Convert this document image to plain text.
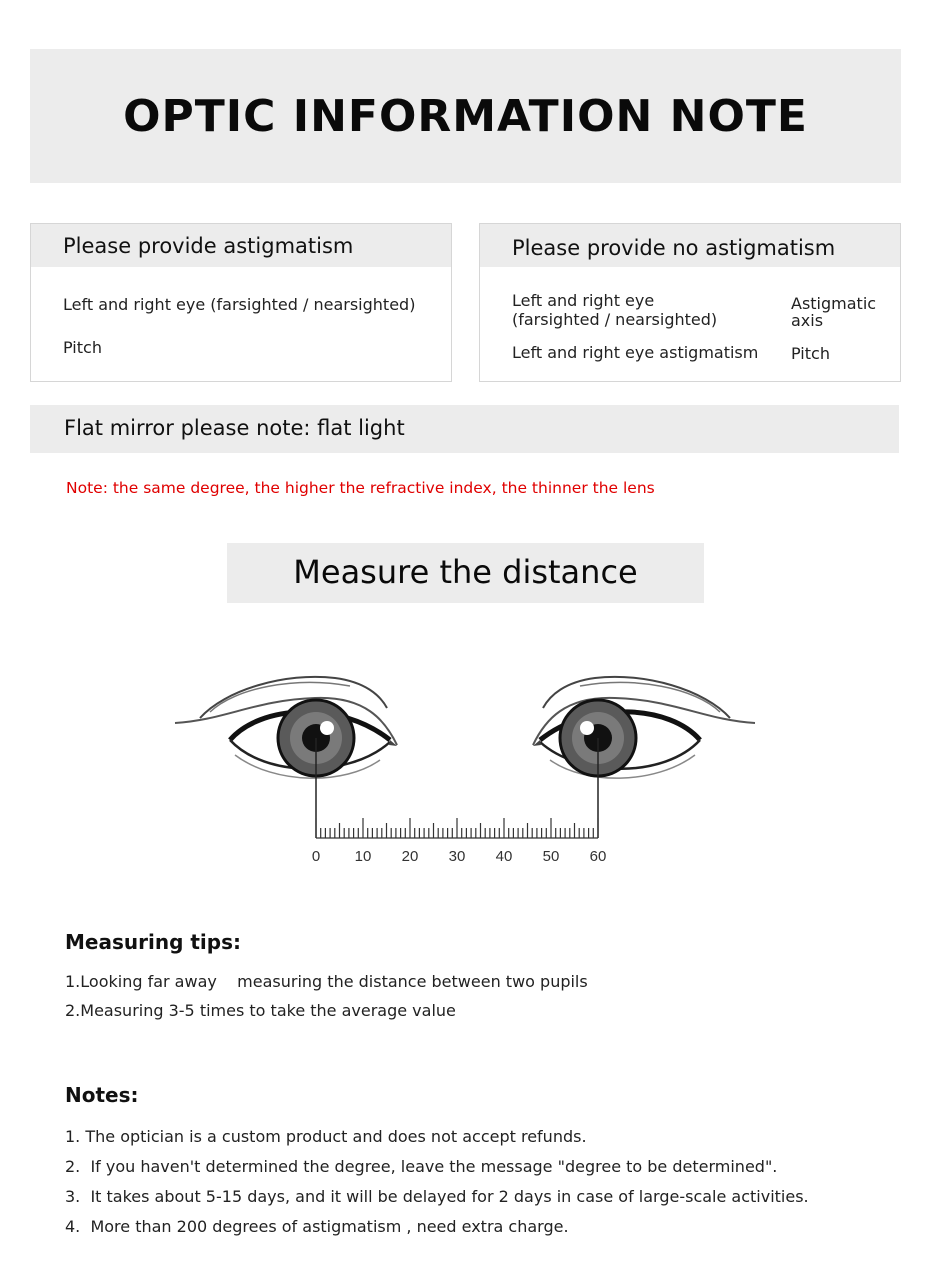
OPTIC INFORMATION NOTE
Please provide astigmatism
Left and right eye (farsighted / nearsighted)
Pitch
Please provide no astigmatism
Left and right eye
(farsighted / nearsighted)
Left and right eye astigmatism
Astigmatic
axis
Pitch
Flat mirror please note: flat light
Note: the same degree, the higher the refractive index, the thinner the lens
Measure the distance
0 10 20 30 40 50 60
Measuring tips:
1.Looking far away    measuring the distance between two pupils
2.Measuring 3-5 times to take the average value
Notes:
1. The optician is a custom product and does not accept refunds.
2.  If you haven't determined the degree, leave the message "degree to be determined".
3.  It takes about 5-15 days, and it will be delayed for 2 days in case of large-scale activities.
4.  More than 200 degrees of astigmatism , need extra charge.
